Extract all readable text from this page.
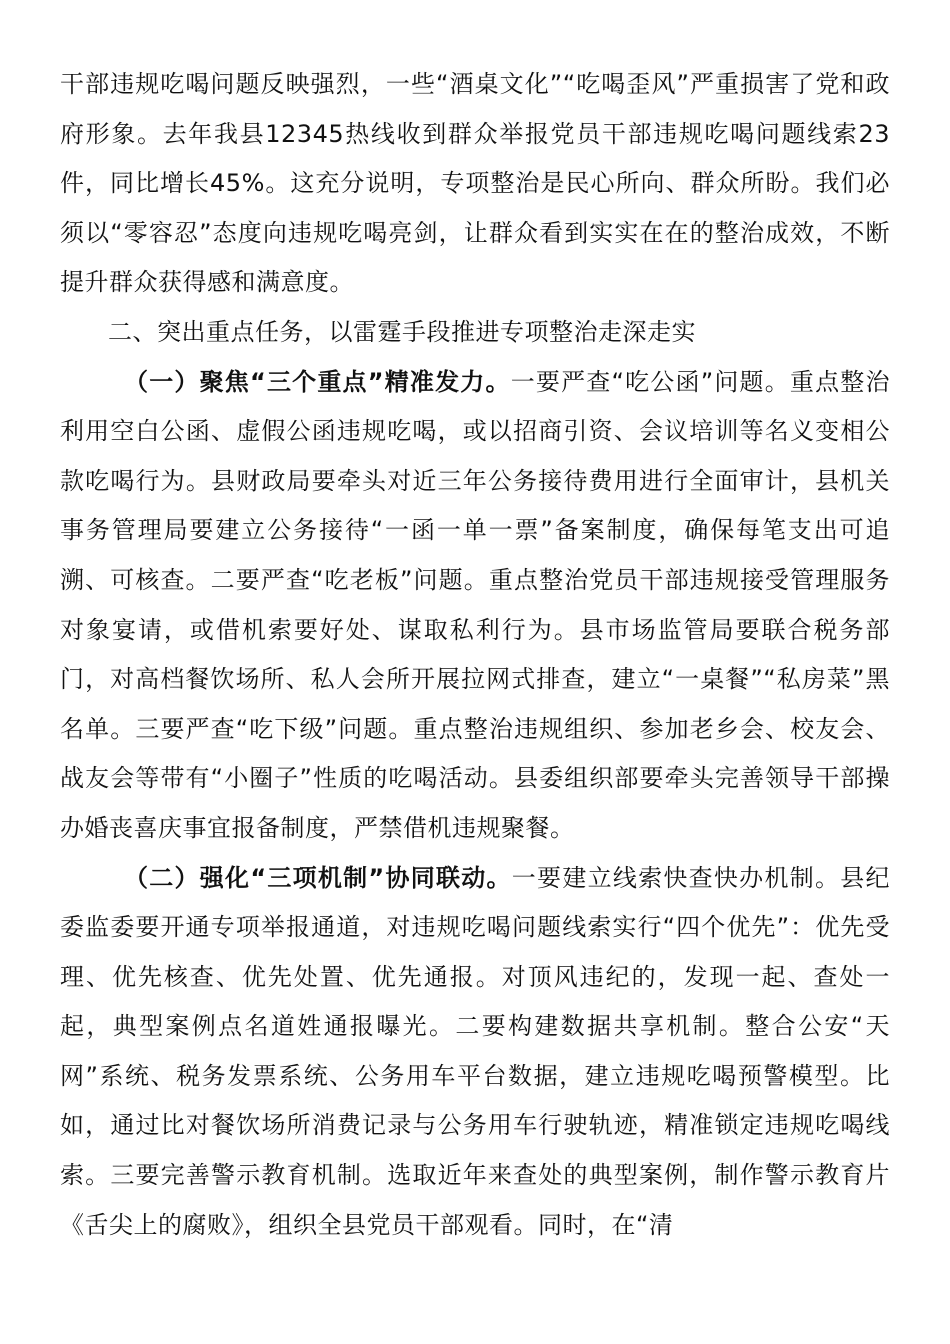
干部违规吃喝问题反映强烈，一些“酒桌文化”“吃喝歪风”严重损害了党和政府形象。去年我县12345热线收到群众举报党员干部违规吃喝问题线索23件，同比增长45%。这充分说明，专项整治是民心所向、群众所盼。我们必须以“零容忍”态度向违规吃喝亮剑，让群众看到实实在在的整治成效，不断提升群众获得感和满意度。

二、突出重点任务，以雷霆手段推进专项整治走深走实

（一）聚焦“三个重点”精准发力。一要严查“吃公函”问题。重点整治利用空白公函、虚假公函违规吃喝，或以招商引资、会议培训等名义变相公款吃喝行为。县财政局要牵头对近三年公务接待费用进行全面审计，县机关事务管理局要建立公务接待“一函一单一票”备案制度，确保每笔支出可追溯、可核查。二要严查“吃老板”问题。重点整治党员干部违规接受管理服务对象宴请，或借机索要好处、谋取私利行为。县市场监管局要联合税务部门，对高档餐饮场所、私人会所开展拉网式排查，建立“一桌餐”“私房菜”黑名单。三要严查“吃下级”问题。重点整治违规组织、参加老乡会、校友会、战友会等带有“小圈子”性质的吃喝活动。县委组织部要牵头完善领导干部操办婚丧喜庆事宜报备制度，严禁借机违规聚餐。

（二）强化“三项机制”协同联动。一要建立线索快查快办机制。县纪委监委要开通专项举报通道，对违规吃喝问题线索实行“四个优先”：优先受理、优先核查、优先处置、优先通报。对顶风违纪的，发现一起、查处一起，典型案例点名道姓通报曝光。二要构建数据共享机制。整合公安“天网”系统、税务发票系统、公务用车平台数据，建立违规吃喝预警模型。比如，通过比对餐饮场所消费记录与公务用车行驶轨迹，精准锁定违规吃喝线索。三要完善警示教育机制。选取近年来查处的典型案例，制作警示教育片《舌尖上的腐败》，组织全县党员干部观看。同时，在“清
